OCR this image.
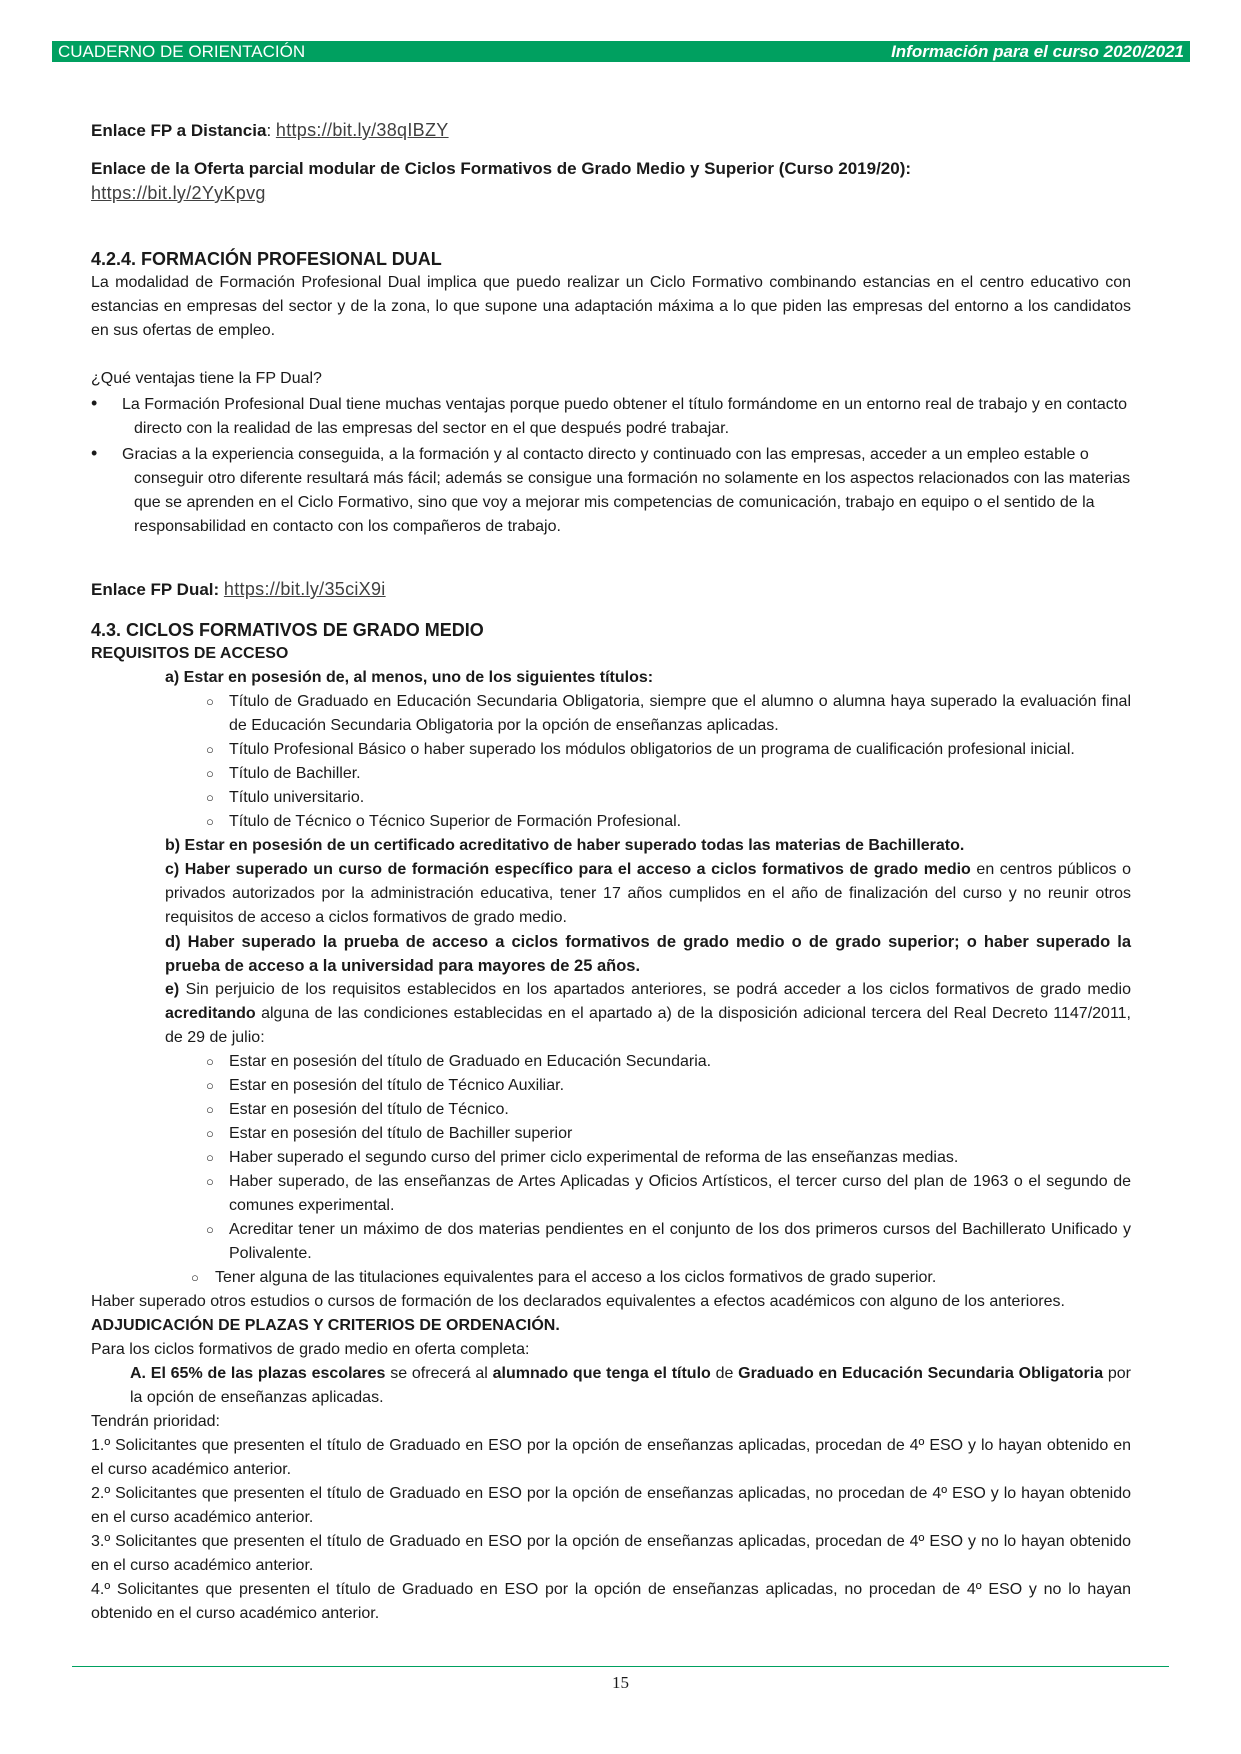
CUADERNO DE ORIENTACIÓN	Información para el curso 2020/2021

Enlace FP a Distancia: https://bit.ly/38qIBZY

Enlace de la Oferta parcial modular de Ciclos Formativos de Grado Medio y Superior (Curso 2019/20):

https://bit.ly/2YyKpvg

4.2.4. FORMACIÓN PROFESIONAL DUAL

La modalidad de Formación Profesional Dual implica que puedo realizar un Ciclo Formativo combinando estancias en el centro educativo con estancias en empresas del sector y de la zona, lo que supone una adaptación máxima a lo que piden las empresas del entorno a los candidatos en sus ofertas de empleo.

¿Qué ventajas tiene la FP Dual?

• La Formación Profesional Dual tiene muchas ventajas porque puedo obtener el título formándome en un entorno real de trabajo y en contacto directo con la realidad de las empresas del sector en el que después podré trabajar.
• Gracias a la experiencia conseguida, a la formación y al contacto directo y continuado con las empresas, acceder a un empleo estable o conseguir otro diferente resultará más fácil; además se consigue una formación no solamente en los aspectos relacionados con las materias que se aprenden en el Ciclo Formativo, sino que voy a mejorar mis competencias de comunicación, trabajo en equipo o el sentido de la responsabilidad en contacto con los compañeros de trabajo.

Enlace FP Dual: https://bit.ly/35ciX9i

4.3. CICLOS FORMATIVOS DE GRADO MEDIO

REQUISITOS DE ACCESO

a) Estar en posesión de, al menos, uno de los siguientes títulos:

○ Título de Graduado en Educación Secundaria Obligatoria, siempre que el alumno o alumna haya superado la evaluación final de Educación Secundaria Obligatoria por la opción de enseñanzas aplicadas.
○ Título Profesional Básico o haber superado los módulos obligatorios de un programa de cualificación profesional inicial.
○ Título de Bachiller.
○ Título universitario.
○ Título de Técnico o Técnico Superior de Formación Profesional.

b) Estar en posesión de un certificado acreditativo de haber superado todas las materias de Bachillerato.

c) Haber superado un curso de formación específico para el acceso a ciclos formativos de grado medio en centros públicos o privados autorizados por la administración educativa, tener 17 años cumplidos en el año de finalización del curso y no reunir otros requisitos de acceso a ciclos formativos de grado medio.

d) Haber superado la prueba de acceso a ciclos formativos de grado medio o de grado superior; o haber superado la prueba de acceso a la universidad para mayores de 25 años.

e) Sin perjuicio de los requisitos establecidos en los apartados anteriores, se podrá acceder a los ciclos formativos de grado medio acreditando alguna de las condiciones establecidas en el apartado a) de la disposición adicional tercera del Real Decreto 1147/2011, de 29 de julio:

○ Estar en posesión del título de Graduado en Educación Secundaria.
○ Estar en posesión del título de Técnico Auxiliar.
○ Estar en posesión del título de Técnico.
○ Estar en posesión del título de Bachiller superior
○ Haber superado el segundo curso del primer ciclo experimental de reforma de las enseñanzas medias.
○ Haber superado, de las enseñanzas de Artes Aplicadas y Oficios Artísticos, el tercer curso del plan de 1963 o el segundo de comunes experimental.
○ Acreditar tener un máximo de dos materias pendientes en el conjunto de los dos primeros cursos del Bachillerato Unificado y Polivalente.
○ Tener alguna de las titulaciones equivalentes para el acceso a los ciclos formativos de grado superior.

Haber superado otros estudios o cursos de formación de los declarados equivalentes a efectos académicos con alguno de los anteriores.

ADJUDICACIÓN DE PLAZAS Y CRITERIOS DE ORDENACIÓN.

Para los ciclos formativos de grado medio en oferta completa:

A. El 65% de las plazas escolares se ofrecerá al alumnado que tenga el título de Graduado en Educación Secundaria Obligatoria por la opción de enseñanzas aplicadas.

Tendrán prioridad:

1.º Solicitantes que presenten el título de Graduado en ESO por la opción de enseñanzas aplicadas, procedan de 4º ESO y lo hayan obtenido en el curso académico anterior.

2.º Solicitantes que presenten el título de Graduado en ESO por la opción de enseñanzas aplicadas, no procedan de 4º ESO y lo hayan obtenido en el curso académico anterior.

3.º Solicitantes que presenten el título de Graduado en ESO por la opción de enseñanzas aplicadas, procedan de 4º ESO y no lo hayan obtenido en el curso académico anterior.

4.º Solicitantes que presenten el título de Graduado en ESO por la opción de enseñanzas aplicadas, no procedan de 4º ESO y no lo hayan obtenido en el curso académico anterior.

15
